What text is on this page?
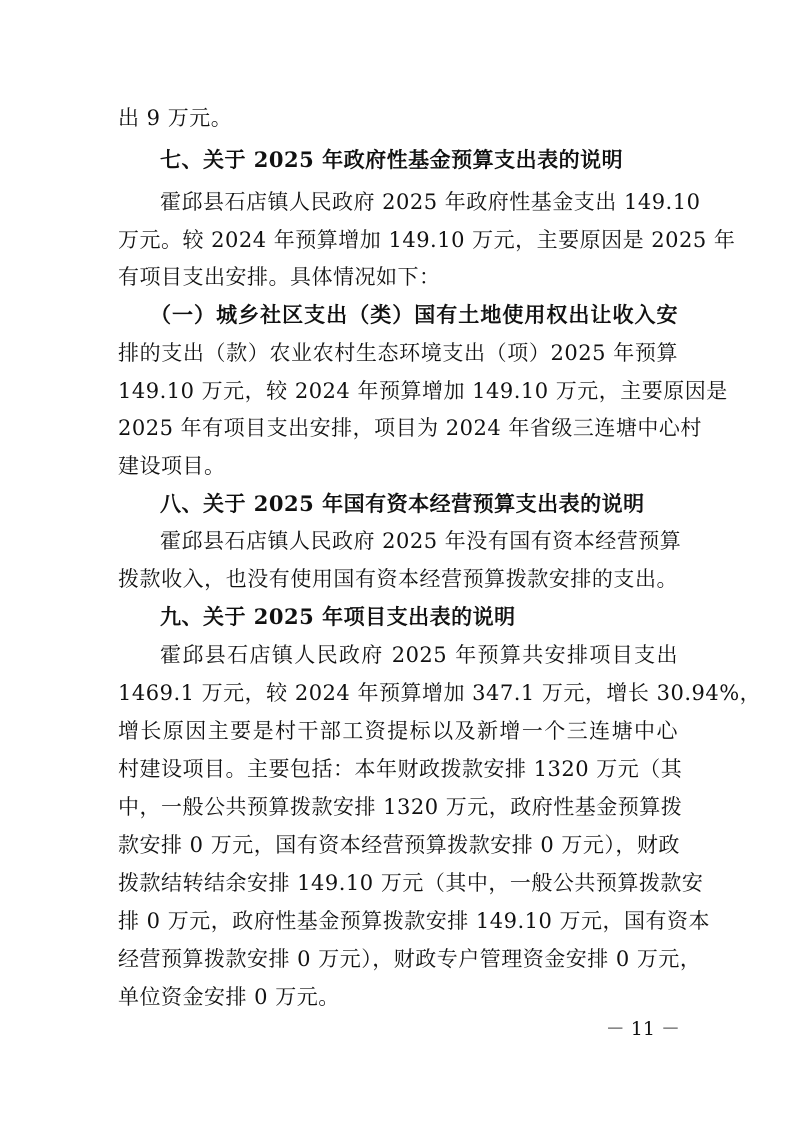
出 9 万元。
七、关于 2025 年政府性基金预算支出表的说明
霍邱县石店镇人民政府 2025 年政府性基金支出 149.10
万元。较 2024 年预算增加 149.10 万元，主要原因是 2025 年
有项目支出安排。具体情况如下：
（一）城乡社区支出（类）国有土地使用权出让收入安
排的支出（款）农业农村生态环境支出（项）2025 年预算
149.10 万元，较 2024 年预算增加 149.10 万元，主要原因是
2025 年有项目支出安排，项目为 2024 年省级三连塘中心村
建设项目。
八、关于 2025 年国有资本经营预算支出表的说明
霍邱县石店镇人民政府 2025 年没有国有资本经营预算
拨款收入，也没有使用国有资本经营预算拨款安排的支出。
九、关于 2025 年项目支出表的说明
霍邱县石店镇人民政府 2025 年预算共安排项目支出
1469.1 万元，较 2024 年预算增加 347.1 万元，增长 30.94%，
增长原因主要是村干部工资提标以及新增一个三连塘中心
村建设项目。主要包括：本年财政拨款安排 1320 万元（其
中，一般公共预算拨款安排 1320 万元，政府性基金预算拨
款安排 0 万元，国有资本经营预算拨款安排 0 万元），财政
拨款结转结余安排 149.10 万元（其中，一般公共预算拨款安
排 0 万元，政府性基金预算拨款安排 149.10 万元，国有资本
经营预算拨款安排 0 万元），财政专户管理资金安排 0 万元，
单位资金安排 0 万元。
－ 11 －
